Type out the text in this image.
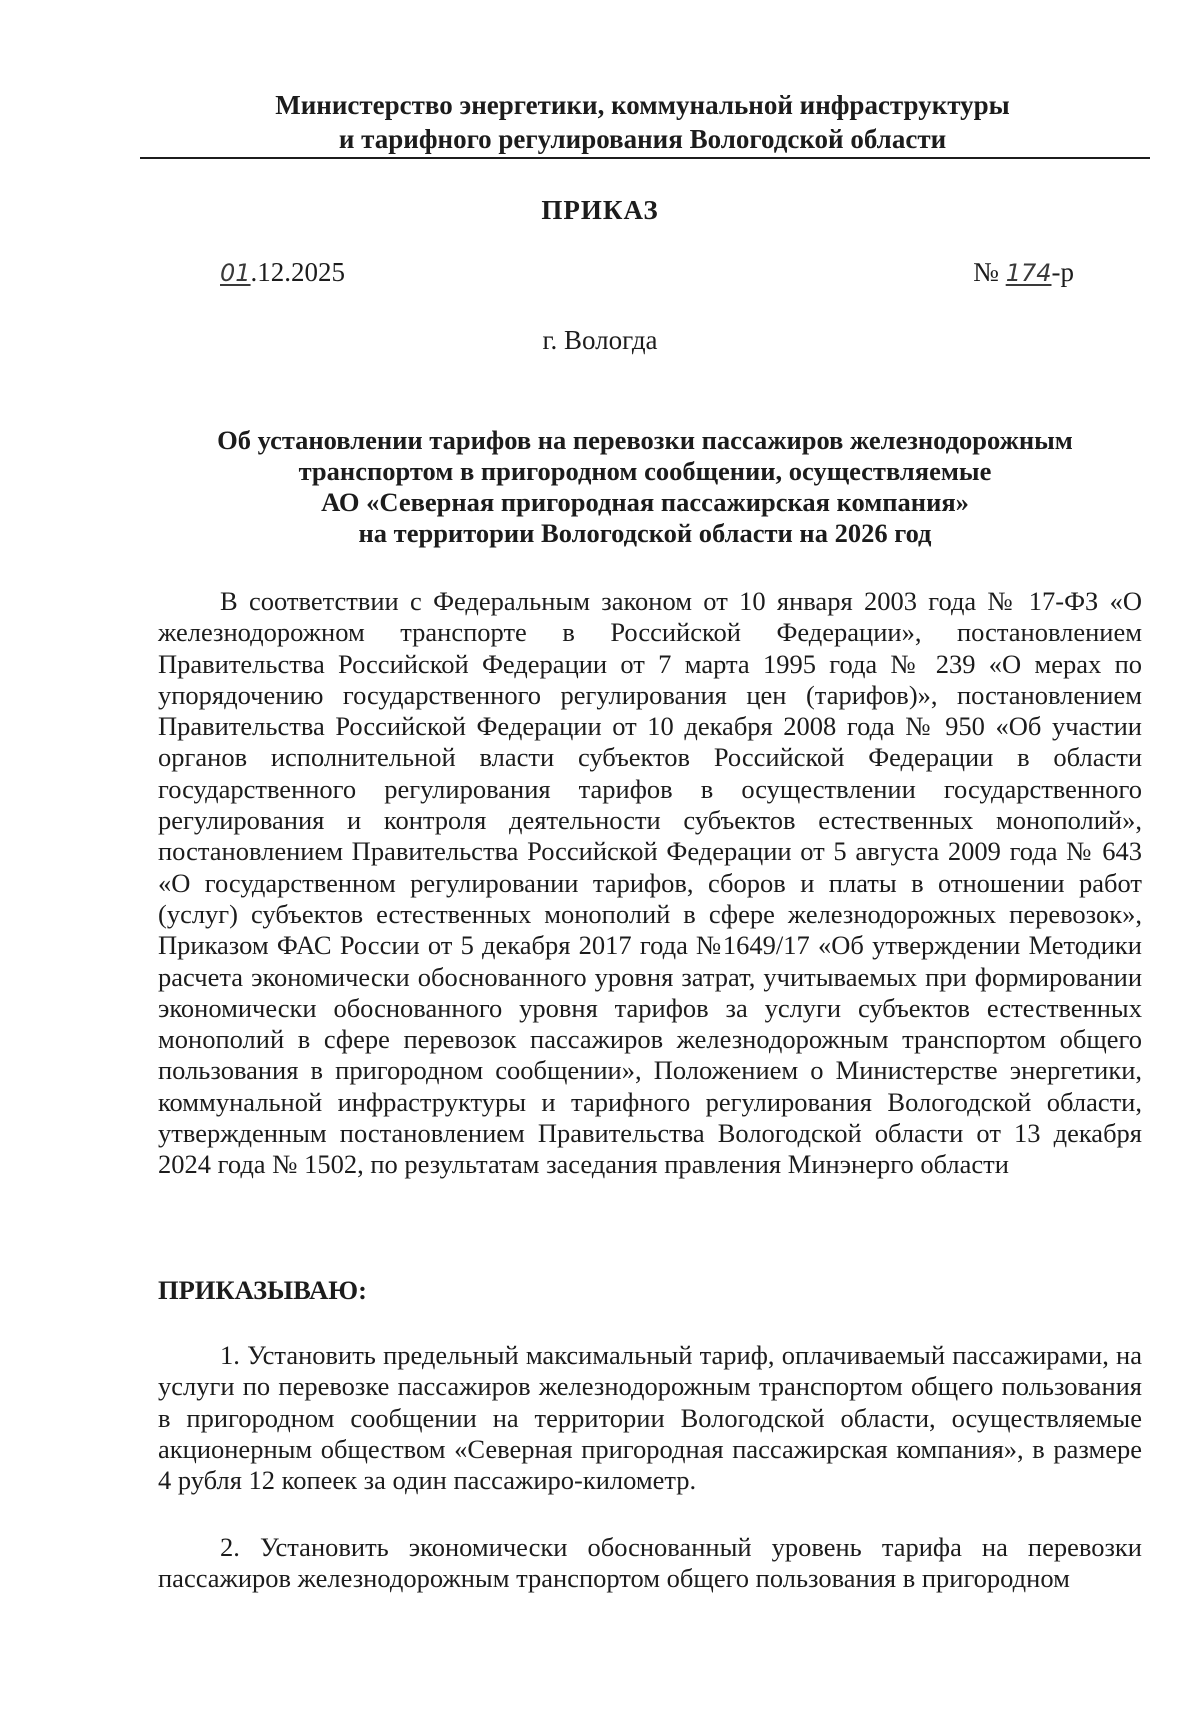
Министерство энергетики, коммунальной инфраструктуры
и тарифного регулирования Вологодской области
ПРИКАЗ
01.12.2025	№ 174-р
г. Вологда
Об установлении тарифов на перевозки пассажиров железнодорожным
транспортом в пригородном сообщении, осуществляемые
АО «Северная пригородная пассажирская компания»
на территории Вологодской области на 2026 год
В соответствии с Федеральным законом от 10 января 2003 года № 17-ФЗ «О железнодорожном транспорте в Российской Федерации», постановлением Правительства Российской Федерации от 7 марта 1995 года № 239 «О мерах по упорядочению государственного регулирования цен (тарифов)», постановлением Правительства Российской Федерации от 10 декабря 2008 года № 950 «Об участии органов исполнительной власти субъектов Российской Федерации в области государственного регулирования тарифов в осуществлении государственного регулирования и контроля деятельности субъектов естественных монополий», постановлением Правительства Российской Федерации от 5 августа 2009 года № 643 «О государственном регулировании тарифов, сборов и платы в отношении работ (услуг) субъектов естественных монополий в сфере железнодорожных перевозок», Приказом ФАС России от 5 декабря 2017 года №1649/17 «Об утверждении Методики расчета экономически обоснованного уровня затрат, учитываемых при формировании экономически обоснованного уровня тарифов за услуги субъектов естественных монополий в сфере перевозок пассажиров железнодорожным транспортом общего пользования в пригородном сообщении», Положением о Министерстве энергетики, коммунальной инфраструктуры и тарифного регулирования Вологодской области, утвержденным постановлением Правительства Вологодской области от 13 декабря 2024 года № 1502, по результатам заседания правления Минэнерго области
ПРИКАЗЫВАЮ:
1. Установить предельный максимальный тариф, оплачиваемый пассажирами, на услуги по перевозке пассажиров железнодорожным транспортом общего пользования в пригородном сообщении на территории Вологодской области, осуществляемые акционерным обществом «Северная пригородная пассажирская компания», в размере 4 рубля 12 копеек за один пассажиро-километр.
2. Установить экономически обоснованный уровень тарифа на перевозки пассажиров железнодорожным транспортом общего пользования в пригородном
